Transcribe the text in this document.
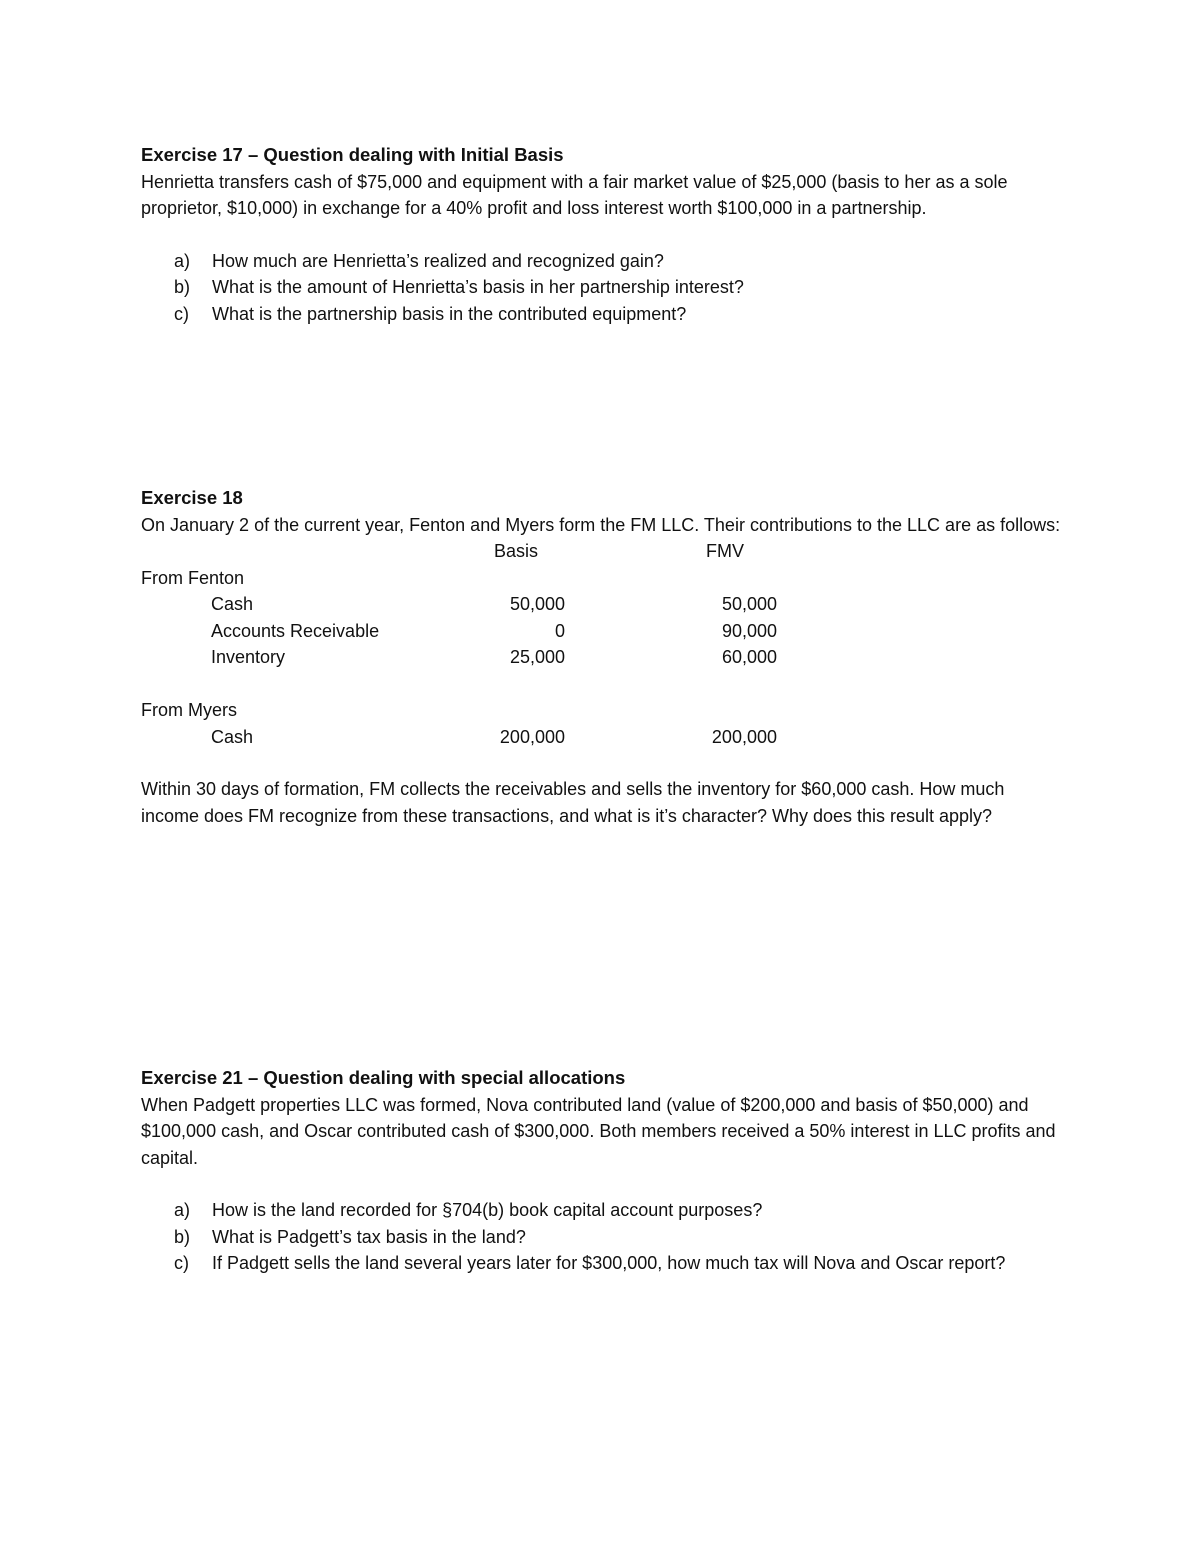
Exercise 17 – Question dealing with Initial Basis

Henrietta transfers cash of $75,000 and equipment with a fair market value of $25,000 (basis to her as a sole proprietor, $10,000) in exchange for a 40% profit and loss interest worth $100,000 in a partnership.

a) How much are Henrietta’s realized and recognized gain?
b) What is the amount of Henrietta’s basis in her partnership interest?
c) What is the partnership basis in the contributed equipment?

Exercise 18

On January 2 of the current year, Fenton and Myers form the FM LLC. Their contributions to the LLC are as follows:

Basis	FMV
From Fenton
Cash	50,000	50,000
Accounts Receivable	0	90,000
Inventory	25,000	60,000
From Myers
Cash	200,000	200,000

Within 30 days of formation, FM collects the receivables and sells the inventory for $60,000 cash. How much income does FM recognize from these transactions, and what is it’s character? Why does this result apply?

Exercise 21 – Question dealing with special allocations

When Padgett properties LLC was formed, Nova contributed land (value of $200,000 and basis of $50,000) and $100,000 cash, and Oscar contributed cash of $300,000. Both members received a 50% interest in LLC profits and capital.

a) How is the land recorded for §704(b) book capital account purposes?
b) What is Padgett’s tax basis in the land?
c) If Padgett sells the land several years later for $300,000, how much tax will Nova and Oscar report?
